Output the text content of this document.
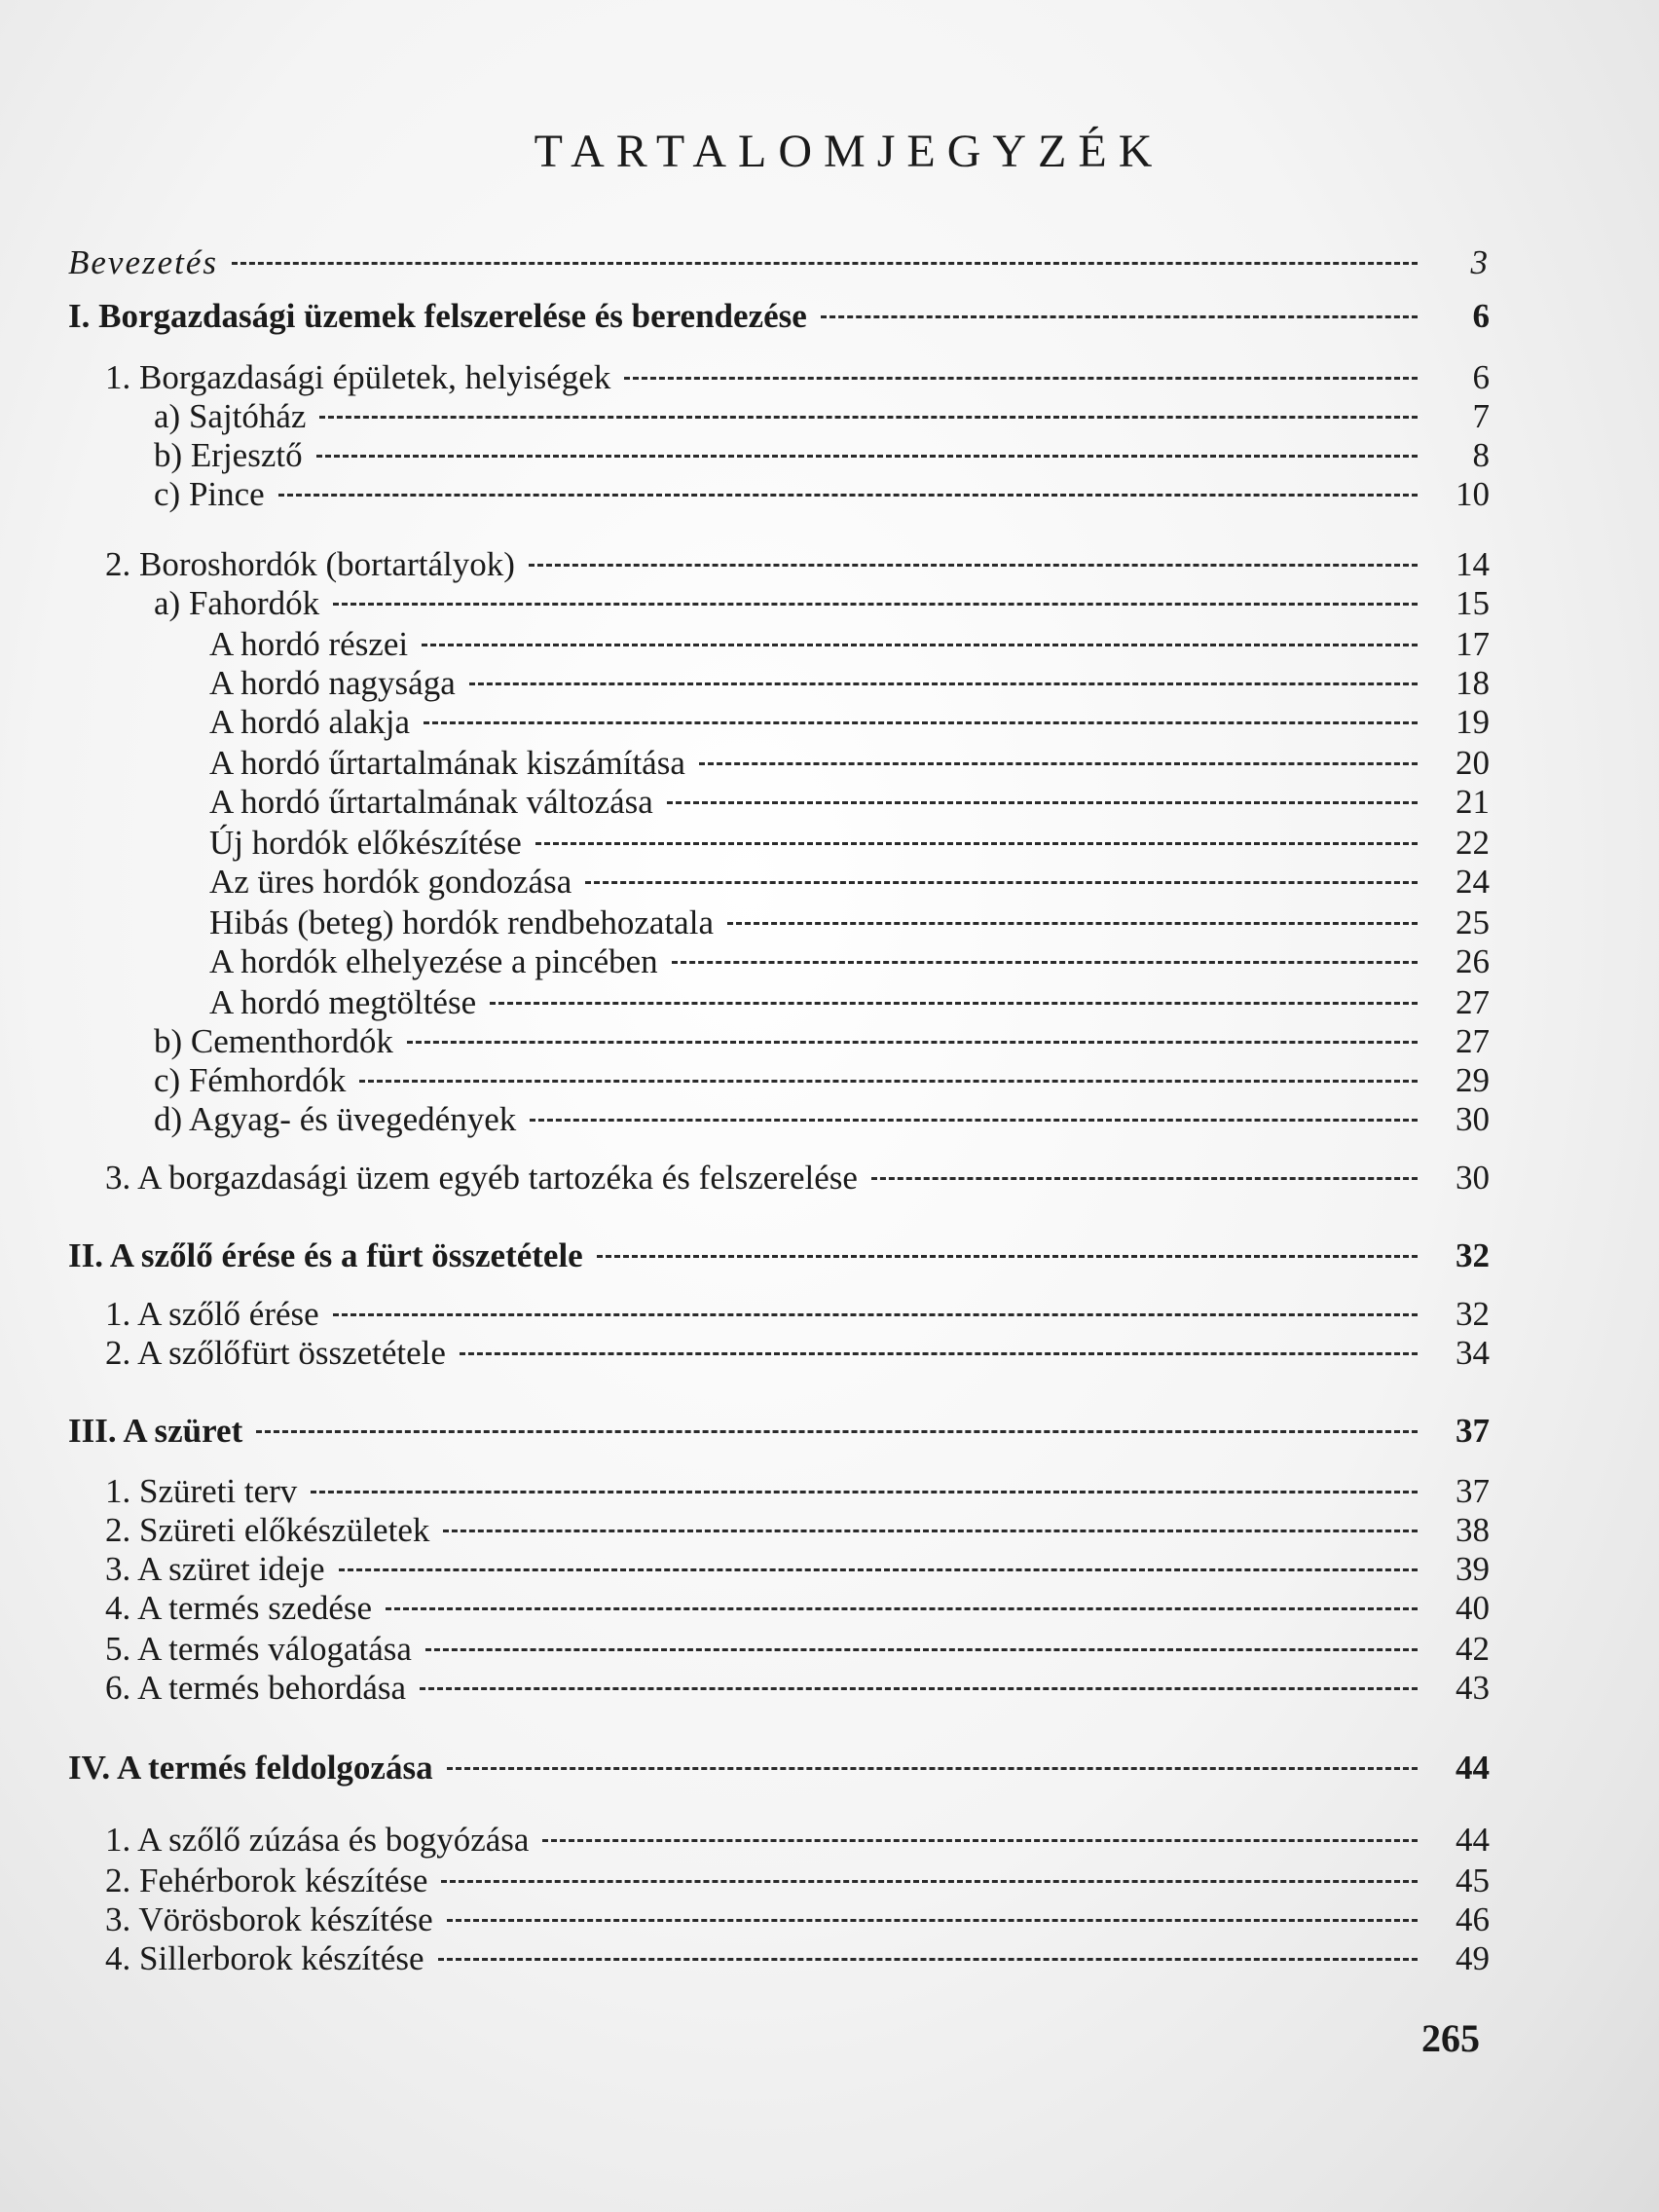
TARTALOMJEGYZÉK
Bevezetés	3
I. Borgazdasági üzemek felszerelése és berendezése	6
1. Borgazdasági épületek, helyiségek	6
a) Sajtóház	7
b) Erjesztő	8
c) Pince	10
2. Boroshordók (bortartályok)	14
a) Fahordók	15
A hordó részei	17
A hordó nagysága	18
A hordó alakja	19
A hordó űrtartalmának kiszámítása	20
A hordó űrtartalmának változása	21
Új hordók előkészítése	22
Az üres hordók gondozása	24
Hibás (beteg) hordók rendbehozatala	25
A hordók elhelyezése a pincében	26
A hordó megtöltése	27
b) Cementhordók	27
c) Fémhordók	29
d) Agyag- és üvegedények	30
3. A borgazdasági üzem egyéb tartozéka és felszerelése	30
II. A szőlő érése és a fürt összetétele	32
1. A szőlő érése	32
2. A szőlőfürt összetétele	34
III. A szüret	37
1. Szüreti terv	37
2. Szüreti előkészületek	38
3. A szüret ideje	39
4. A termés szedése	40
5. A termés válogatása	42
6. A termés behordása	43
IV. A termés feldolgozása	44
1. A szőlő zúzása és bogyózása	44
2. Fehérborok készítése	45
3. Vörösborok készítése	46
4. Sillerborok készítése	49
265
